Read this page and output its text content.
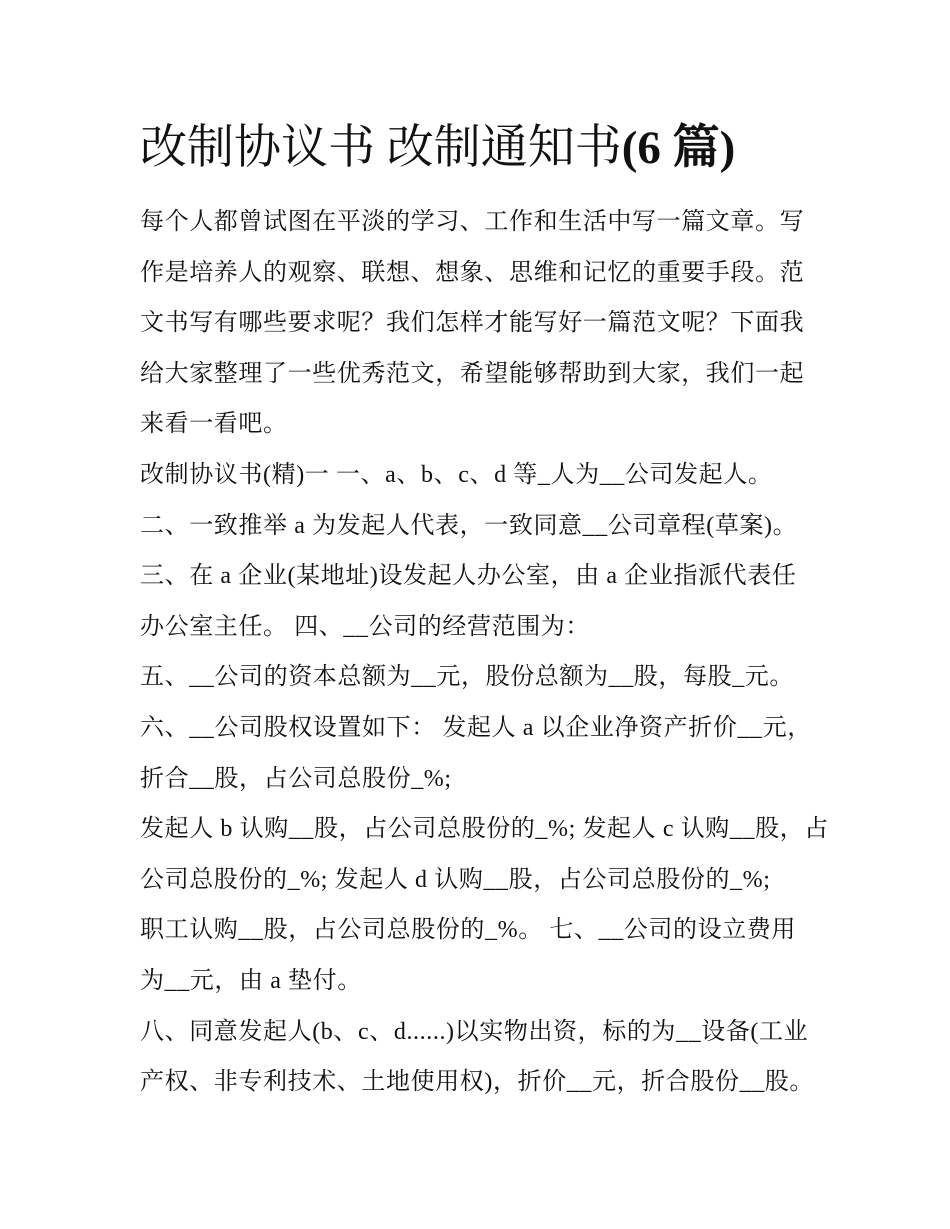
改制协议书 改制通知书(6 篇)
每个人都曾试图在平淡的学习、工作和生活中写一篇文章。写
作是培养人的观察、联想、想象、思维和记忆的重要手段。范
文书写有哪些要求呢？我们怎样才能写好一篇范文呢？下面我
给大家整理了一些优秀范文，希望能够帮助到大家，我们一起
来看一看吧。
改制协议书(精)一 一、a、b、c、d 等_人为__公司发起人。
二、一致推举 a 为发起人代表，一致同意__公司章程(草案)。
三、在 a 企业(某地址)设发起人办公室，由 a 企业指派代表任
办公室主任。 四、__公司的经营范围为：
五、__公司的资本总额为__元，股份总额为__股，每股_元。
六、__公司股权设置如下： 发起人 a 以企业净资产折价__元，
折合__股，占公司总股份_%;
发起人 b 认购__股，占公司总股份的_%; 发起人 c 认购__股，占
公司总股份的_%; 发起人 d 认购__股，占公司总股份的_%;
职工认购__股，占公司总股份的_%。 七、__公司的设立费用
为__元，由 a 垫付。
八、同意发起人(b、c、d......)以实物出资，标的为__设备(工业
产权、非专利技术、土地使用权)，折价__元，折合股份__股。
